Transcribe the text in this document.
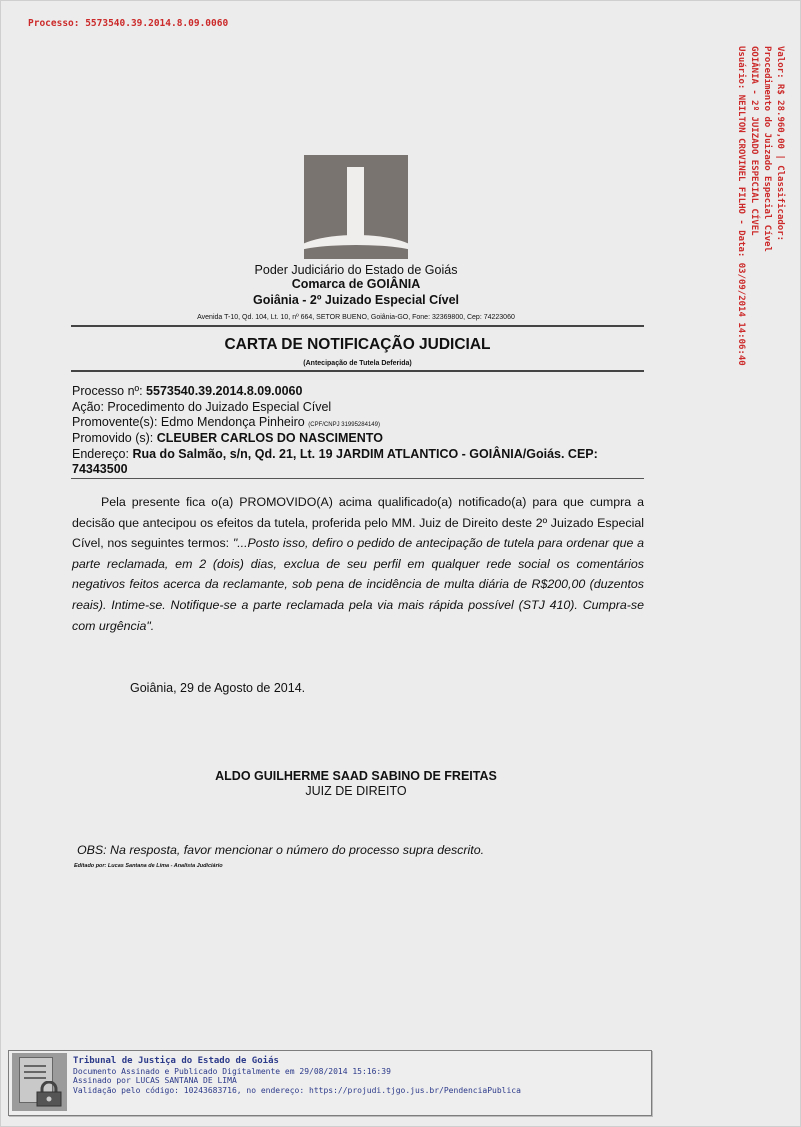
Processo: 5573540.39.2014.8.09.0060
Valor: R$ 28.960,00 | Classificador:
Procedimento do Juizado Especial Cível
GOIÂNIA - 2º JUIZADO ESPECIAL CÍVEL
Usuário: NEILTON CROVINEL FILHO - Data: 03/09/2014 14:06:40
Poder Judiciário do Estado de Goiás
Comarca de GOIÂNIA
Goiânia - 2º Juizado Especial Cível
Avenida T-10, Qd. 104, Lt. 10, nº 664, SETOR BUENO, Goiânia-GO, Fone: 32369800, Cep: 74223060
CARTA DE NOTIFICAÇÃO JUDICIAL
(Antecipação de Tutela Deferida)
Processo nº: 5573540.39.2014.8.09.0060
Ação: Procedimento do Juizado Especial Cível
Promovente(s): Edmo Mendonça Pinheiro (CPF/CNPJ 31995284149)
Promovido (s): CLEUBER CARLOS DO NASCIMENTO
Endereço: Rua do Salmão, s/n, Qd. 21, Lt. 19 JARDIM ATLANTICO - GOIÂNIA/Goiás. CEP:
74343500
Pela presente fica o(a) PROMOVIDO(A) acima qualificado(a) notificado(a) para que cumpra a decisão que antecipou os efeitos da tutela, proferida pelo MM. Juiz de Direito deste 2º Juizado Especial Cível, nos seguintes termos: "...Posto isso, defiro o pedido de antecipação de tutela para ordenar que a parte reclamada, em 2 (dois) dias, exclua de seu perfil em qualquer rede social os comentários negativos feitos acerca da reclamante, sob pena de incidência de multa diária de R$200,00 (duzentos reais). Intime-se. Notifique-se a parte reclamada pela via mais rápida possível (STJ 410). Cumpra-se com urgência".
Goiânia, 29 de Agosto de 2014.
ALDO GUILHERME SAAD SABINO DE FREITAS
JUIZ DE DIREITO
OBS: Na resposta, favor mencionar o número do processo supra descrito.
Editado por: Lucas Santana de Lima - Analista Judiciário
Tribunal de Justiça do Estado de Goiás
Documento Assinado e Publicado Digitalmente em 29/08/2014 15:16:39
Assinado por LUCAS SANTANA DE LIMA
Validação pelo código: 10243683716, no endereço: https://projudi.tjgo.jus.br/PendenciaPublica
